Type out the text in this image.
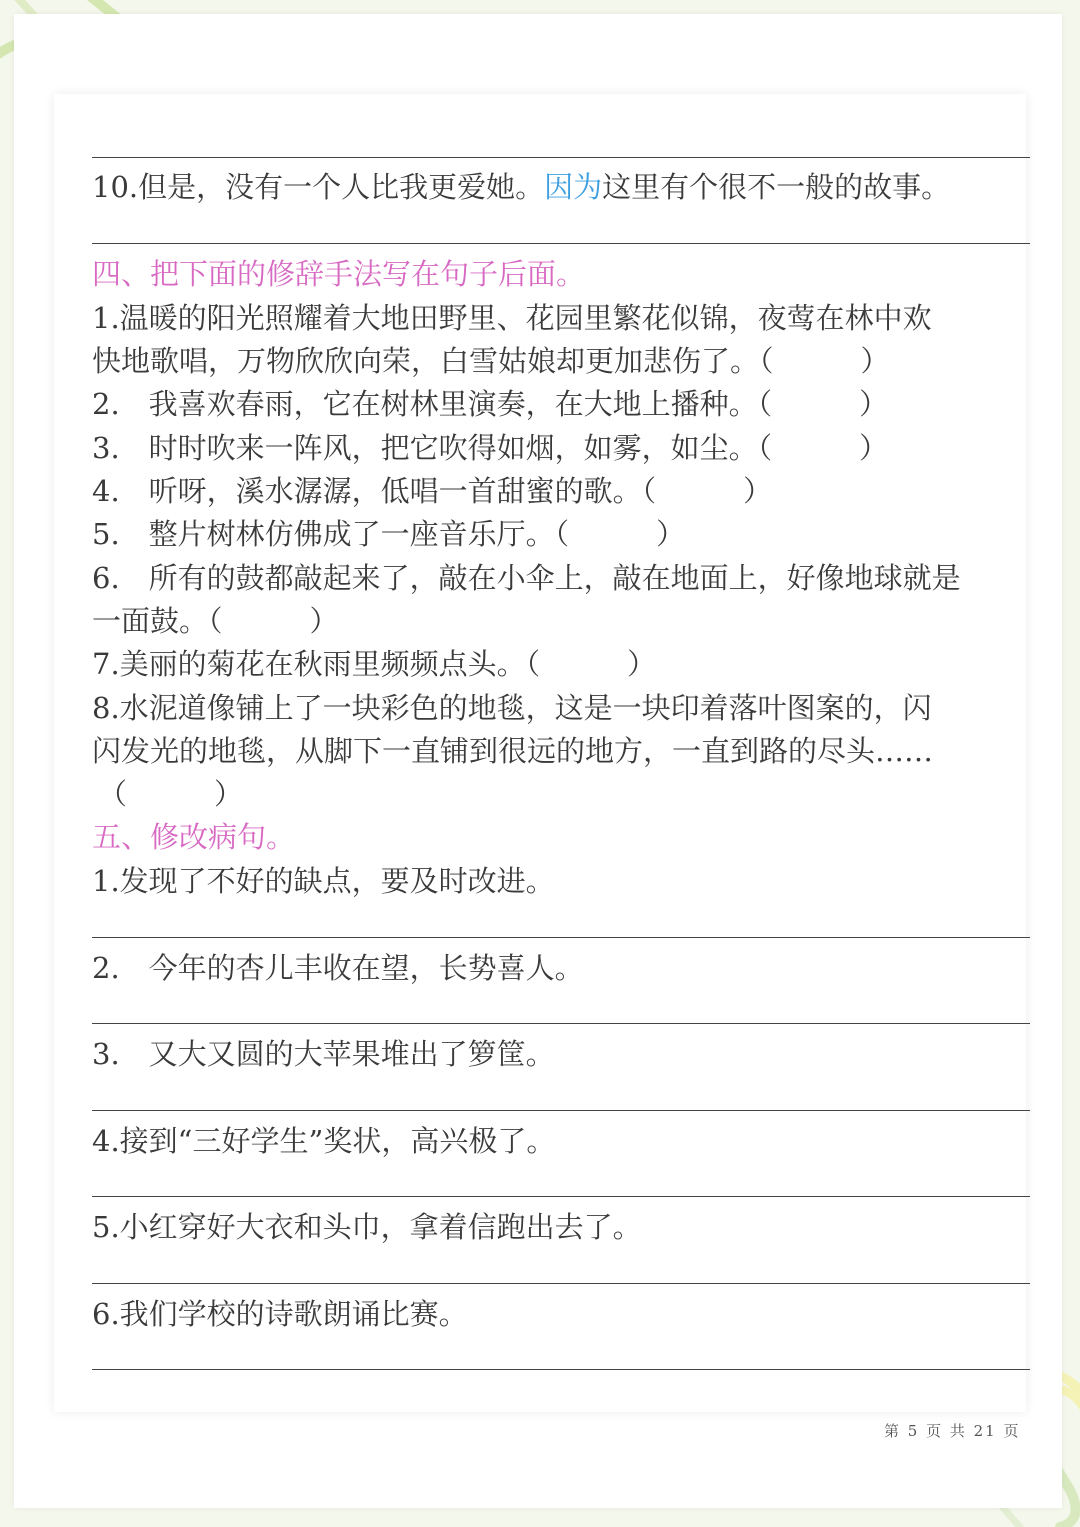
10.但是，没有一个人比我更爱她。因为这里有个很不一般的故事。
四、把下面的修辞手法写在句子后面。
1.温暖的阳光照耀着大地田野里、花园里繁花似锦，夜莺在林中欢
快地歌唱，万物欣欣向荣，白雪姑娘却更加悲伤了。（　　　）
2.　我喜欢春雨，它在树林里演奏，在大地上播种。（　　　）
3.　时时吹来一阵风，把它吹得如烟，如雾，如尘。（　　　）
4.　听呀，溪水潺潺，低唱一首甜蜜的歌。（　　　）
5.　整片树林仿佛成了一座音乐厅。（　　　）
6.　所有的鼓都敲起来了，敲在小伞上，敲在地面上，好像地球就是
一面鼓。（　　　）
7.美丽的菊花在秋雨里频频点头。（　　　）
8.水泥道像铺上了一块彩色的地毯，这是一块印着落叶图案的，闪
闪发光的地毯，从脚下一直铺到很远的地方，一直到路的尽头……
（　　　）
五、修改病句。
1.发现了不好的缺点，要及时改进。
2.　今年的杏儿丰收在望，长势喜人。
3.　又大又圆的大苹果堆出了箩筐。
4.接到“三好学生”奖状，高兴极了。
5.小红穿好大衣和头巾，拿着信跑出去了。
6.我们学校的诗歌朗诵比赛。
第 5 页 共 21 页
